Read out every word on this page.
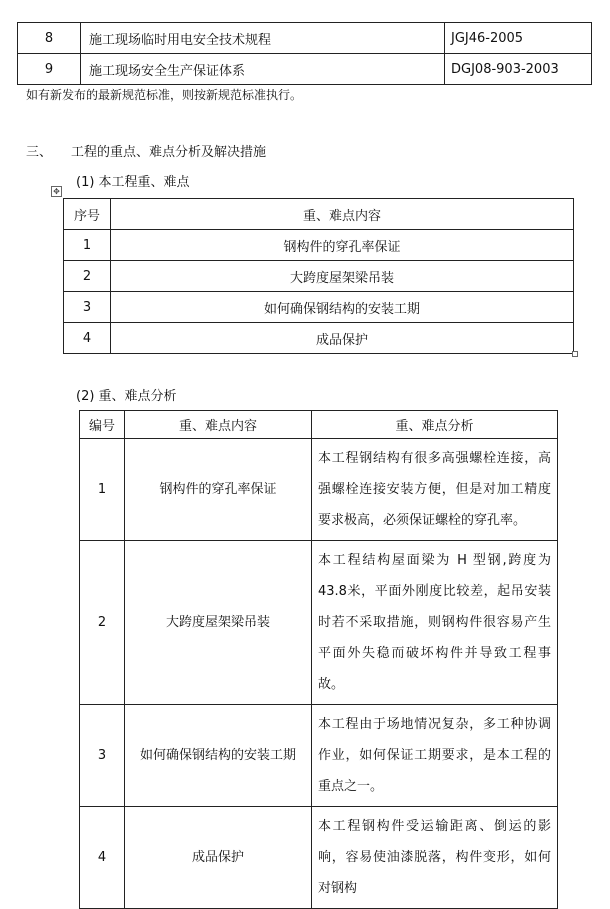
8	施工现场临时用电安全技术规程	JGJ46-2005
9	施工现场安全生产保证体系	DGJ08-903-2003
如有新发布的最新规范标准，则按新规范标准执行。
三、 工程的重点、难点分析及解决措施
(1) 本工程重、难点
✥
序号	重、难点内容
1	钢构件的穿孔率保证
2	大跨度屋架梁吊装
3	如何确保钢结构的安装工期
4	成品保护
(2) 重、难点分析
编号	重、难点内容	重、难点分析
1	钢构件的穿孔率保证	本工程钢结构有很多高强螺栓连接，高强螺栓连接安装方便，但是对加工精度要求极高，必须保证螺栓的穿孔率。
2	大跨度屋架梁吊装	本工程结构屋面梁为 H 型钢,跨度为 43.8米，平面外刚度比较差，起吊安装时若不采取措施，则钢构件很容易产生平面外失稳而破坏构件并导致工程事故。
3	如何确保钢结构的安装工期	本工程由于场地情况复杂，多工种协调作业，如何保证工期要求，是本工程的重点之一。
4	成品保护	本工程钢构件受运输距离、倒运的影响，容易使油漆脱落，构件变形，如何对钢构
